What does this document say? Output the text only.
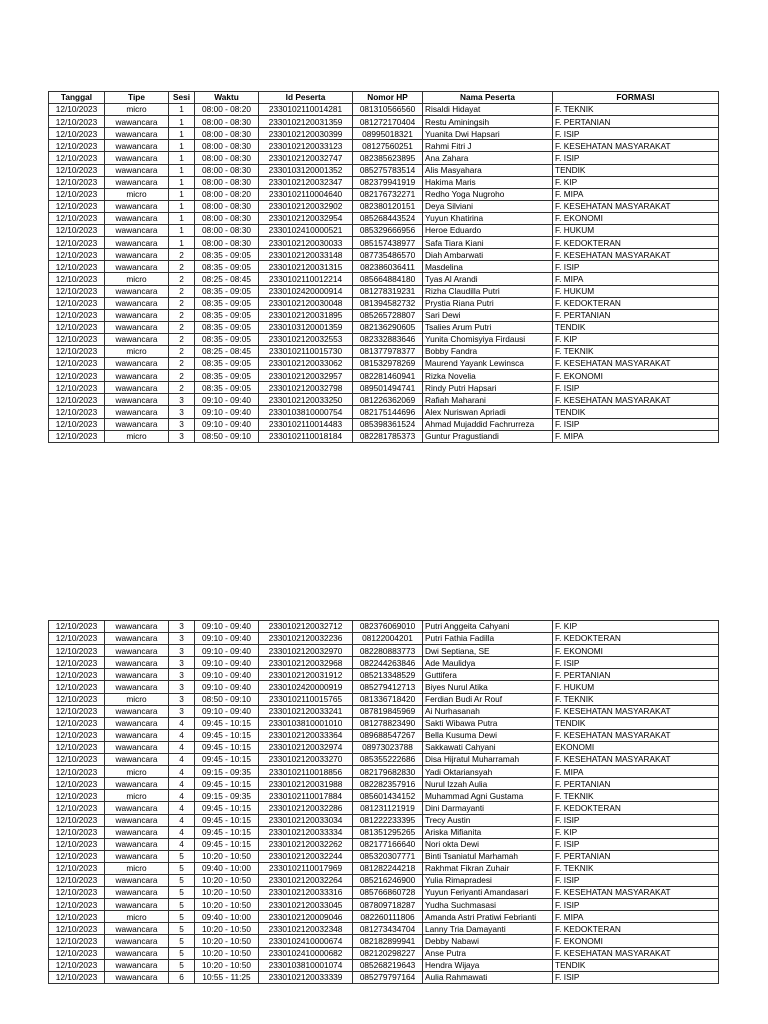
Tanggal	Tipe	Sesi	Waktu	Id Peserta	Nomor HP	Nama Peserta	FORMASI
12/10/2023	micro	1	08:00 - 08:20	2330102110014281	081310566560	Risaldi Hidayat	F. TEKNIK
12/10/2023	wawancara	1	08:00 - 08:30	2330102120031359	081272170404	Restu Aminingsih	F. PERTANIAN
12/10/2023	wawancara	1	08:00 - 08:30	2330102120030399	08995018321	Yuanita Dwi Hapsari	F. ISIP
12/10/2023	wawancara	1	08:00 - 08:30	2330102120033123	08127560251	Rahmi Fitri J	F. KESEHATAN MASYARAKAT
12/10/2023	wawancara	1	08:00 - 08:30	2330102120032747	082385623895	Ana Zahara	F. ISIP
12/10/2023	wawancara	1	08:00 - 08:30	2330103120001352	085275783514	Alis Masyahara	TENDIK
12/10/2023	wawancara	1	08:00 - 08:30	2330102120032347	082379941919	Hakima Maris	F. KIP
12/10/2023	micro	1	08:00 - 08:20	2330102110004640	082176732271	Redho Yoga Nugroho	F. MIPA
12/10/2023	wawancara	1	08:00 - 08:30	2330102120032902	082380120151	Deya Silviani	F. KESEHATAN MASYARAKAT
12/10/2023	wawancara	1	08:00 - 08:30	2330102120032954	085268443524	Yuyun Khatirina	F. EKONOMI
12/10/2023	wawancara	1	08:00 - 08:30	2330102410000521	085329666956	Heroe Eduardo	F. HUKUM
12/10/2023	wawancara	1	08:00 - 08:30	2330102120030033	085157438977	Safa Tiara Kiani	F. KEDOKTERAN
12/10/2023	wawancara	2	08:35 - 09:05	2330102120033148	087735486570	Diah Ambarwati	F. KESEHATAN MASYARAKAT
12/10/2023	wawancara	2	08:35 - 09:05	2330102120031315	082386036411	Masdelina	F. ISIP
12/10/2023	micro	2	08:25 - 08:45	2330102110012214	085664884180	Tyas Al Arandi	F. MIPA
12/10/2023	wawancara	2	08:35 - 09:05	2330102420000914	081278319231	Rizha Claudilla Putri	F. HUKUM
12/10/2023	wawancara	2	08:35 - 09:05	2330102120030048	081394582732	Prystia Riana Putri	F. KEDOKTERAN
12/10/2023	wawancara	2	08:35 - 09:05	2330102120031895	085265728807	Sari Dewi	F. PERTANIAN
12/10/2023	wawancara	2	08:35 - 09:05	2330103120001359	082136290605	Tsalies Arum Putri	TENDIK
12/10/2023	wawancara	2	08:35 - 09:05	2330102120032553	082332883646	Yunita Chomisyiya Firdausi	F. KIP
12/10/2023	micro	2	08:25 - 08:45	2330102110015730	081377978377	Bobby Fandra	F. TEKNIK
12/10/2023	wawancara	2	08:35 - 09:05	2330102120033062	081532978269	Maurend Yayank Lewinsca	F. KESEHATAN MASYARAKAT
12/10/2023	wawancara	2	08:35 - 09:05	2330102120032957	082281460941	Rizka Novelia	F. EKONOMI
12/10/2023	wawancara	2	08:35 - 09:05	2330102120032798	089501494741	Rindy Putri Hapsari	F. ISIP
12/10/2023	wawancara	3	09:10 - 09:40	2330102120033250	081226362069	Rafiah Maharani	F. KESEHATAN MASYARAKAT
12/10/2023	wawancara	3	09:10 - 09:40	2330103810000754	082175144696	Alex Nuriswan Apriadi	TENDIK
12/10/2023	wawancara	3	09:10 - 09:40	2330102110014483	085398361524	Ahmad Mujaddid Fachrurreza	F. ISIP
12/10/2023	micro	3	08:50 - 09:10	2330102110018184	082281785373	Guntur Pragustiandi	F. MIPA
12/10/2023	wawancara	3	09:10 - 09:40	2330102120032712	082376069010	Putri Anggeita Cahyani	F. KIP
12/10/2023	wawancara	3	09:10 - 09:40	2330102120032236	08122004201	Putri Fathia Fadilla	F. KEDOKTERAN
12/10/2023	wawancara	3	09:10 - 09:40	2330102120032970	082280883773	Dwi Septiana, SE	F. EKONOMI
12/10/2023	wawancara	3	09:10 - 09:40	2330102120032968	082244263846	Ade Maulidya	F. ISIP
12/10/2023	wawancara	3	09:10 - 09:40	2330102120031912	085213348529	Guttifera	F. PERTANIAN
12/10/2023	wawancara	3	09:10 - 09:40	2330102420000919	085279412713	Biyes Nurul Atika	F. HUKUM
12/10/2023	micro	3	08:50 - 09:10	2330102110015765	081336718420	Ferdian Budi Ar Rouf	F. TEKNIK
12/10/2023	wawancara	3	09:10 - 09:40	2330102120033241	087819845969	Ai Nurhasanah	F. KESEHATAN MASYARAKAT
12/10/2023	wawancara	4	09:45 - 10:15	2330103810001010	081278823490	Sakti Wibawa Putra	TENDIK
12/10/2023	wawancara	4	09:45 - 10:15	2330102120033364	089688547267	Bella Kusuma Dewi	F. KESEHATAN MASYARAKAT
12/10/2023	wawancara	4	09:45 - 10:15	2330102120032974	08973023788	Sakkawati Cahyani	EKONOMI
12/10/2023	wawancara	4	09:45 - 10:15	2330102120033270	085355222686	Disa Hijratul Muharramah	F. KESEHATAN MASYARAKAT
12/10/2023	micro	4	09:15 - 09:35	2330102110018856	082179682830	Yadi Oktariansyah	F. MIPA
12/10/2023	wawancara	4	09:45 - 10:15	2330102120031988	082282357916	Nurul Izzah Aulia	F. PERTANIAN
12/10/2023	micro	4	09:15 - 09:35	2330102110017884	085601434152	Muhammad Agni Gustama	F. TEKNIK
12/10/2023	wawancara	4	09:45 - 10:15	2330102120032286	081231121919	Dini Darmayanti	F. KEDOKTERAN
12/10/2023	wawancara	4	09:45 - 10:15	2330102120033034	081222233395	Trecy Austin	F. ISIP
12/10/2023	wawancara	4	09:45 - 10:15	2330102120033334	081351295265	Ariska Mifianita	F. KIP
12/10/2023	wawancara	4	09:45 - 10:15	2330102120032262	082177166640	Nori okta Dewi	F. ISIP
12/10/2023	wawancara	5	10:20 - 10:50	2330102120032244	085320307771	Binti Tsaniatul Marhamah	F. PERTANIAN
12/10/2023	micro	5	09:40 - 10:00	2330102110017969	081282244218	Rakhmat Fikran Zuhair	F. TEKNIK
12/10/2023	wawancara	5	10:20 - 10:50	2330102120032264	085216246900	Yulia Rimapradesi	F. ISIP
12/10/2023	wawancara	5	10:20 - 10:50	2330102120033316	085766860728	Yuyun Feriyanti Amandasari	F. KESEHATAN MASYARAKAT
12/10/2023	wawancara	5	10:20 - 10:50	2330102120033045	087809718287	Yudha Suchmasasi	F. ISIP
12/10/2023	micro	5	09:40 - 10:00	2330102120009046	082260111806	Amanda Astri Pratiwi Febrianti	F. MIPA
12/10/2023	wawancara	5	10:20 - 10:50	2330102120032348	081273434704	Lanny Tria Damayanti	F. KEDOKTERAN
12/10/2023	wawancara	5	10:20 - 10:50	2330102410000674	082182899941	Debby Nabawi	F. EKONOMI
12/10/2023	wawancara	5	10:20 - 10:50	2330102410000682	082120298227	Anse Putra	F. KESEHATAN MASYARAKAT
12/10/2023	wawancara	5	10:20 - 10:50	2330103810001074	085268219643	Hendra Wijaya	TENDIK
12/10/2023	wawancara	6	10:55 - 11:25	2330102120033339	085279797164	Aulia Rahmawati	F. ISIP
